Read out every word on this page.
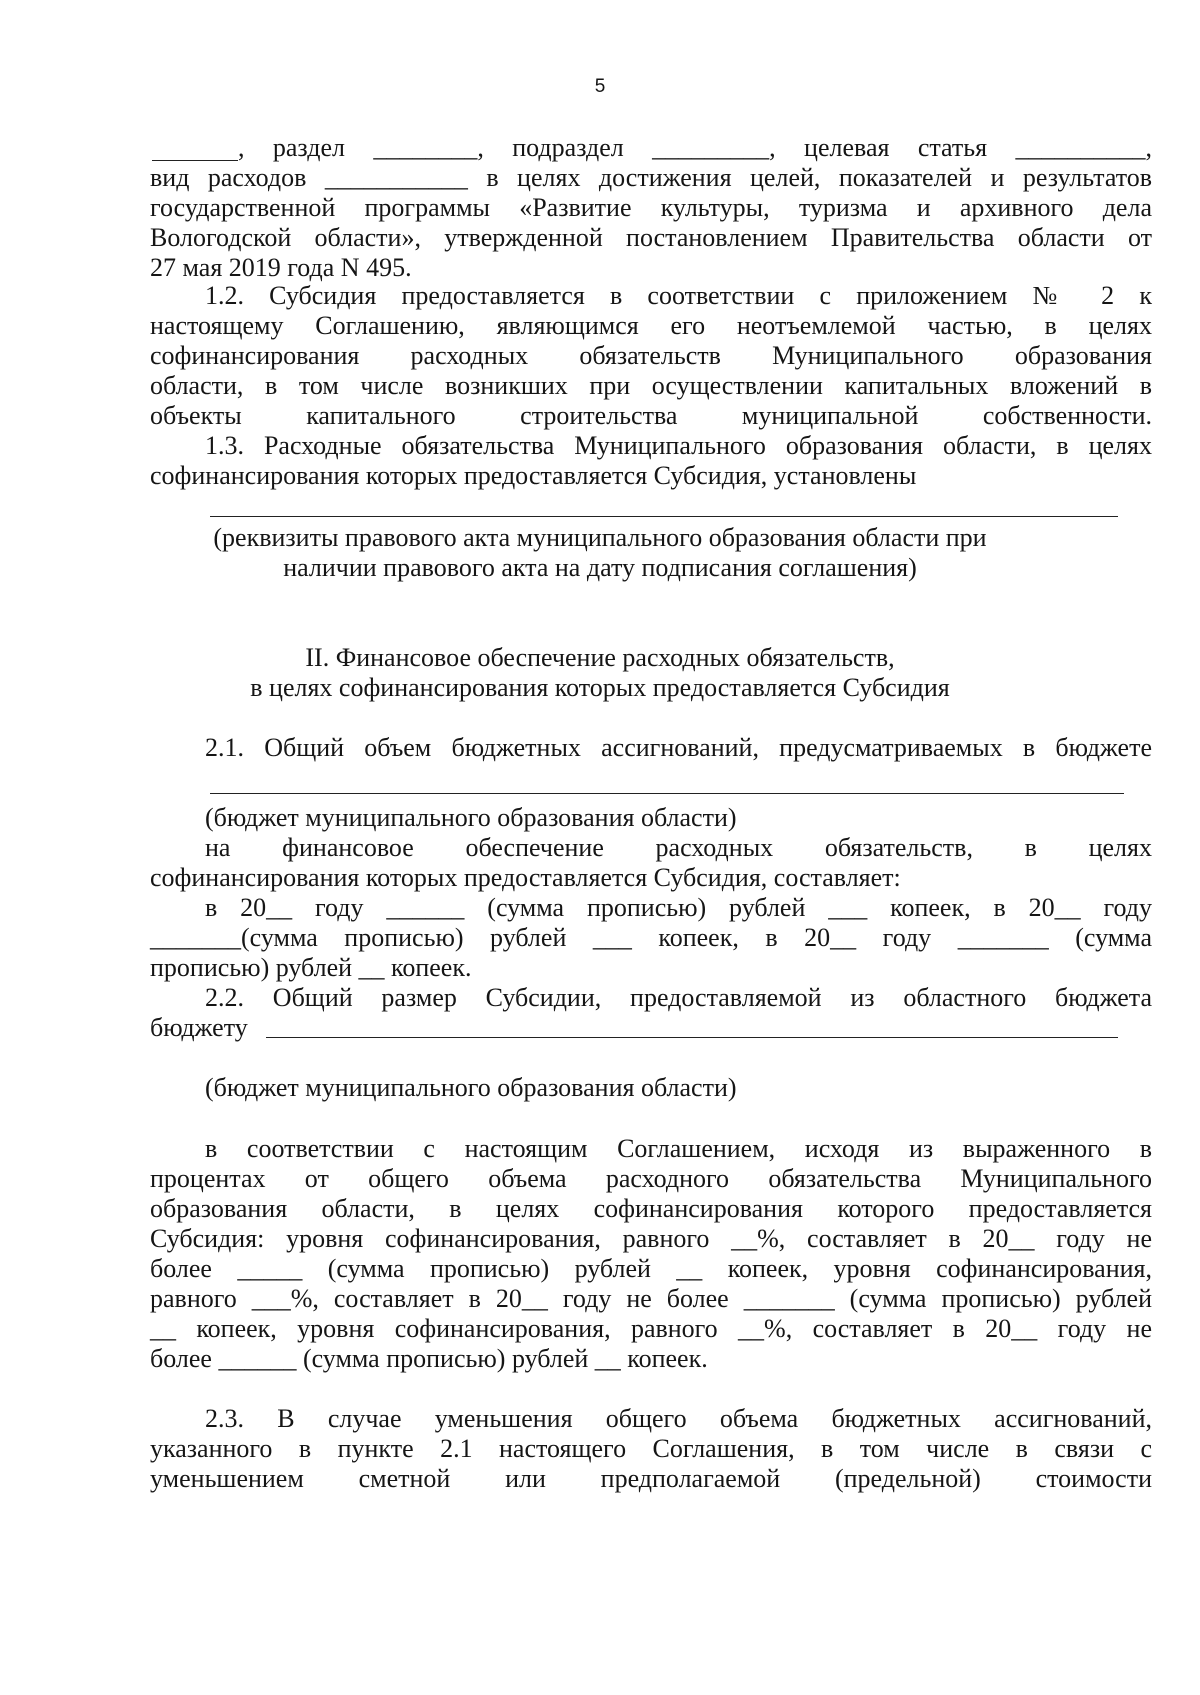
5
, раздел ________, подраздел _________, целевая статья __________,
вид расходов ___________ в целях достижения целей, показателей и результатов
государственной программы «Развитие культуры, туризма и архивного дела
Вологодской области», утвержденной постановлением Правительства области от
27 мая 2019 года N 495.
1.2. Субсидия предоставляется в соответствии с приложением № 2 к
настоящему Соглашению, являющимся его неотъемлемой частью, в целях
софинансирования расходных обязательств Муниципального образования
области, в том числе возникших при осуществлении капитальных вложений в
объекты капитального строительства муниципальной собственности.
1.3. Расходные обязательства Муниципального образования области, в целях
софинансирования которых предоставляется Субсидия, установлены
(реквизиты правового акта муниципального образования области при
наличии правового акта на дату подписания соглашения)
II. Финансовое обеспечение расходных обязательств,
в целях софинансирования которых предоставляется Субсидия
2.1. Общий объем бюджетных ассигнований, предусматриваемых в бюджете
(бюджет муниципального образования области)
на финансовое обеспечение расходных обязательств, в целях
софинансирования которых предоставляется Субсидия, составляет:
в 20__ году ______ (сумма прописью) рублей ___ копеек, в 20__ году
_______(сумма прописью) рублей ___ копеек, в 20__ году _______ (сумма
прописью) рублей __ копеек.
2.2. Общий размер Субсидии, предоставляемой из областного бюджета
бюджету
(бюджет муниципального образования области)
в соответствии с настоящим Соглашением, исходя из выраженного в
процентах от общего объема расходного обязательства Муниципального
образования области, в целях софинансирования которого предоставляется
Субсидия: уровня софинансирования, равного __%, составляет в 20__ году не
более _____ (сумма прописью) рублей __ копеек, уровня софинансирования,
равного ___%, составляет в 20__ году не более _______ (сумма прописью) рублей
__ копеек, уровня софинансирования, равного __%, составляет в 20__ году не
более ______ (сумма прописью) рублей __ копеек.
2.3. В случае уменьшения общего объема бюджетных ассигнований,
указанного в пункте 2.1 настоящего Соглашения, в том числе в связи с
уменьшением сметной или предполагаемой (предельной) стоимости
